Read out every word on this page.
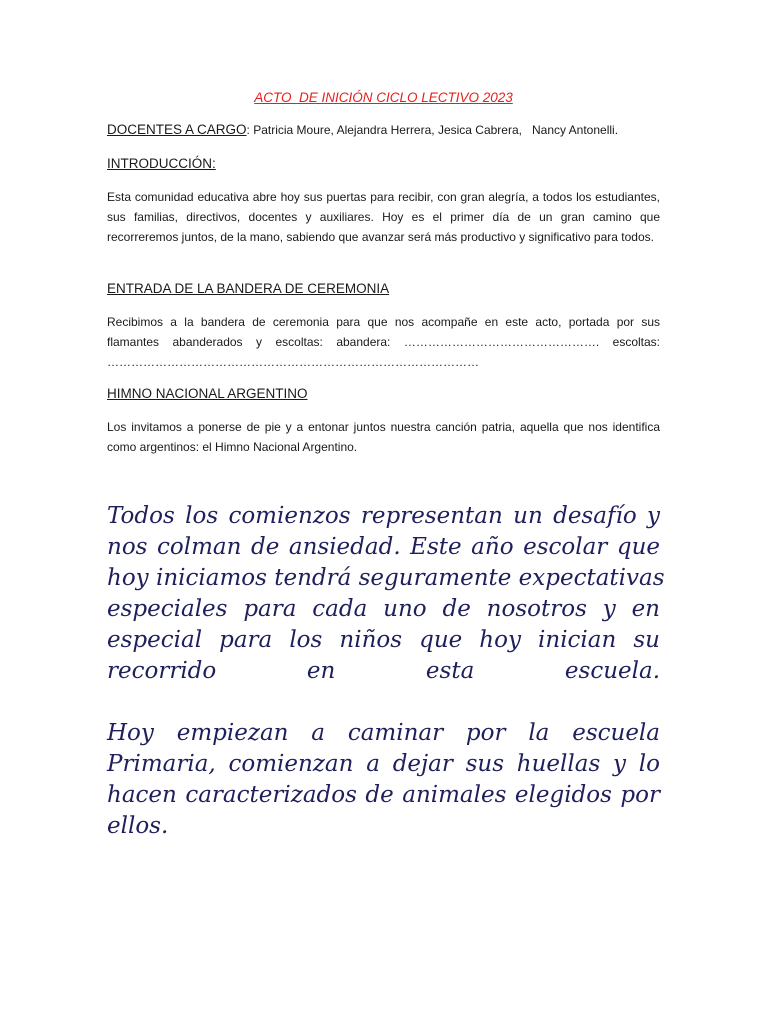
ACTO  DE INICIÓN CICLO LECTIVO 2023
DOCENTES A CARGO: Patricia Moure, Alejandra Herrera, Jesica Cabrera,   Nancy Antonelli.
INTRODUCCIÓN:
Esta comunidad educativa abre hoy sus puertas para recibir, con gran alegría, a todos los estudiantes, sus familias, directivos, docentes y auxiliares. Hoy es el primer día de un gran camino que recorreremos juntos, de la mano, sabiendo que avanzar será más productivo y significativo para todos.
ENTRADA DE LA BANDERA DE CEREMONIA
Recibimos a la bandera de ceremonia para que nos acompañe en este acto, portada por sus
flamantes abanderados y escoltas: abandera: …………………………………………. escoltas:
…………………………………………………………………………………
HIMNO NACIONAL ARGENTINO
Los invitamos a ponerse de pie y a entonar juntos nuestra canción patria, aquella que nos identifica como argentinos: el Himno Nacional Argentino.
Todos los comienzos representan un desafío y
nos colman de ansiedad. Este año escolar que
hoy iniciamos tendrá seguramente expectativas
especiales para cada uno de nosotros y en
especial para los niños que hoy inician su
recorrido en esta escuela.
Hoy empiezan a caminar por la escuela
Primaria, comienzan a dejar sus huellas y lo
hacen caracterizados de animales elegidos por
ellos.
